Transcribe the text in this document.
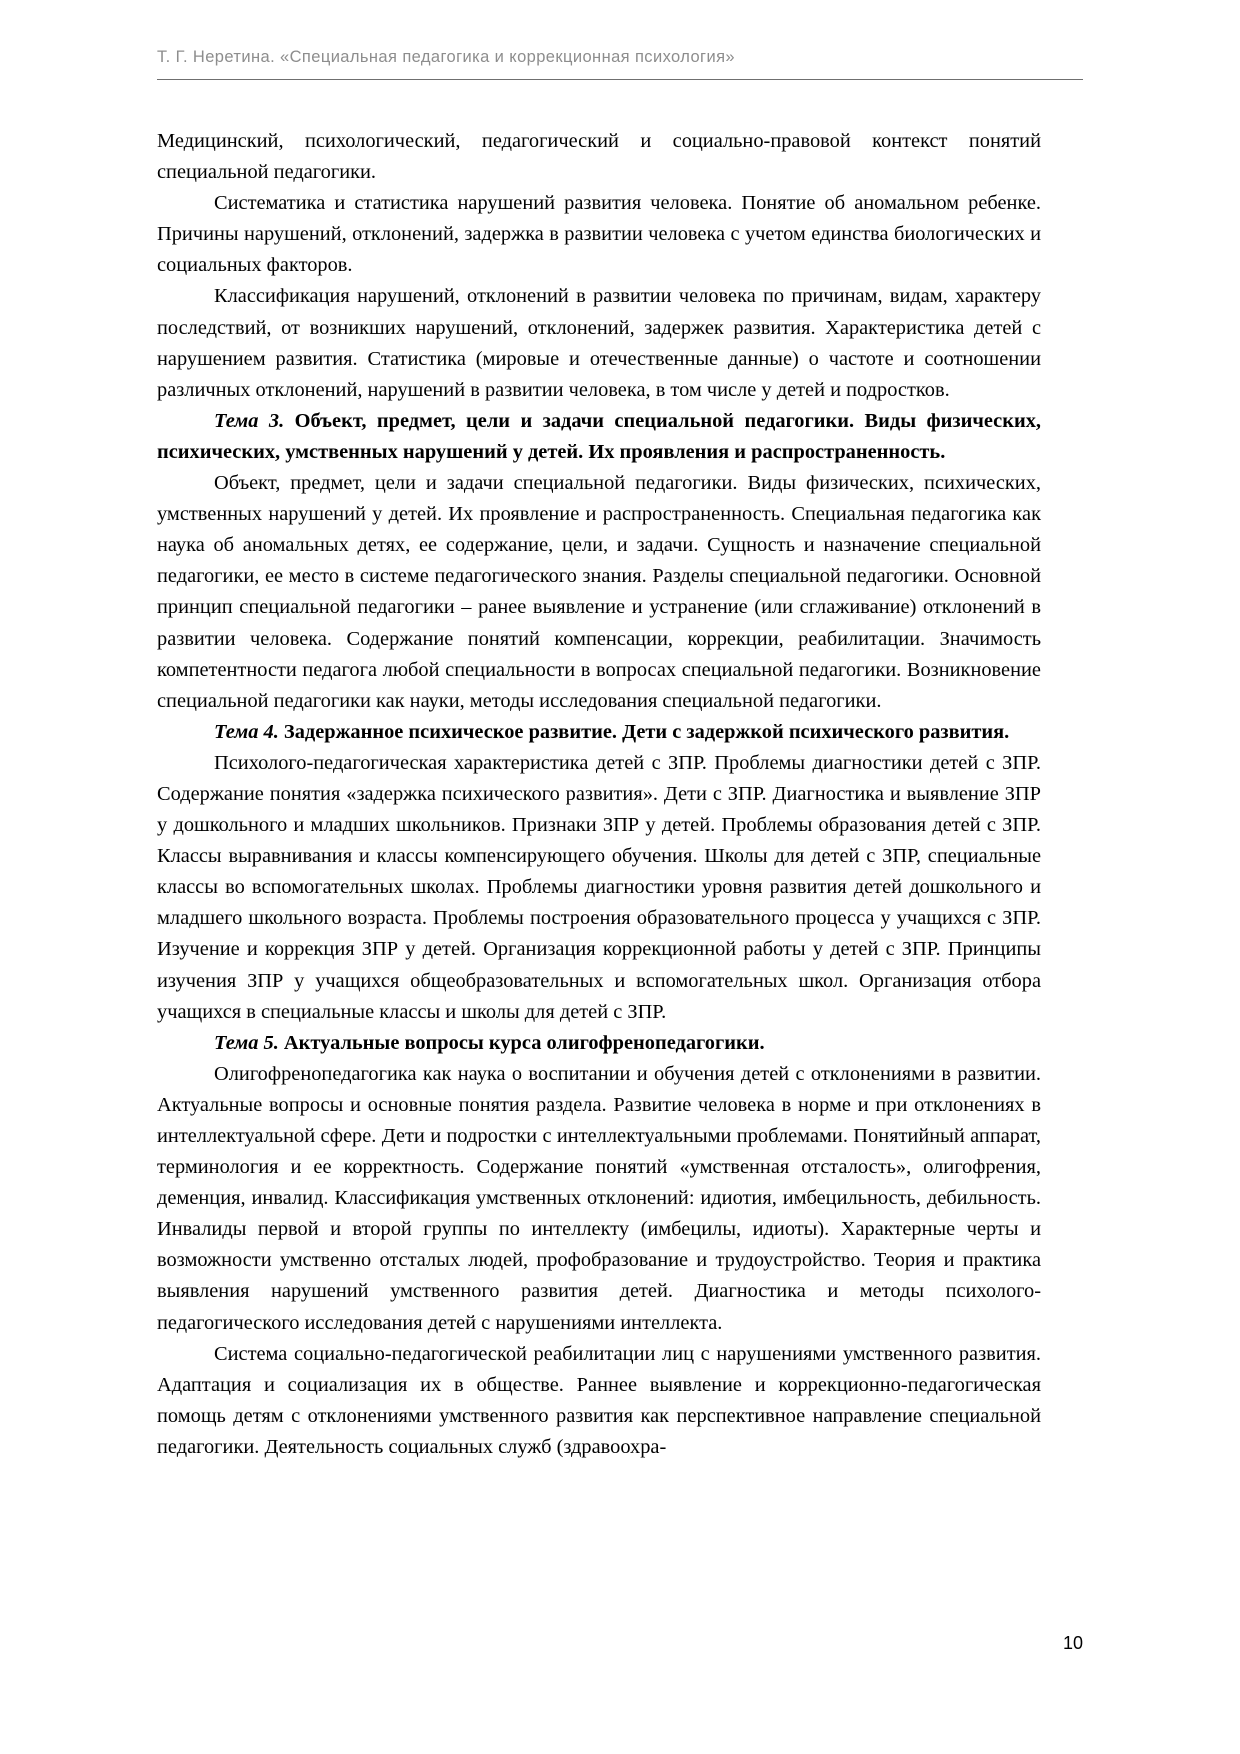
Т. Г. Неретина. «Специальная педагогика и коррекционная психология»

Медицинский, психологический, педагогический и социально-правовой контекст понятий специальной педагогики.

Систематика и статистика нарушений развития человека. Понятие об аномальном ребенке. Причины нарушений, отклонений, задержка в развитии человека с учетом единства биологических и социальных факторов.

Классификация нарушений, отклонений в развитии человека по причинам, видам, характеру последствий, от возникших нарушений, отклонений, задержек развития. Характеристика детей с нарушением развития. Статистика (мировые и отечественные данные) о частоте и соотношении различных отклонений, нарушений в развитии человека, в том числе у детей и подростков.

Тема 3. Объект, предмет, цели и задачи специальной педагогики. Виды физических, психических, умственных нарушений у детей. Их проявления и распространенность.

Объект, предмет, цели и задачи специальной педагогики. Виды физических, психических, умственных нарушений у детей. Их проявление и распространенность. Специальная педагогика как наука об аномальных детях, ее содержание, цели, и задачи. Сущность и назначение специальной педагогики, ее место в системе педагогического знания. Разделы специальной педагогики. Основной принцип специальной педагогики – ранее выявление и устранение (или сглаживание) отклонений в развитии человека. Содержание понятий компенсации, коррекции, реабилитации. Значимость компетентности педагога любой специальности в вопросах специальной педагогики. Возникновение специальной педагогики как науки, методы исследования специальной педагогики.

Тема 4. Задержанное психическое развитие. Дети с задержкой психического развития.

Психолого-педагогическая характеристика детей с ЗПР. Проблемы диагностики детей с ЗПР. Содержание понятия «задержка психического развития». Дети с ЗПР. Диагностика и выявление ЗПР у дошкольного и младших школьников. Признаки ЗПР у детей. Проблемы образования детей с ЗПР. Классы выравнивания и классы компенсирующего обучения. Школы для детей с ЗПР, специальные классы во вспомогательных школах. Проблемы диагностики уровня развития детей дошкольного и младшего школьного возраста. Проблемы построения образовательного процесса у учащихся с ЗПР. Изучение и коррекция ЗПР у детей. Организация коррекционной работы у детей с ЗПР. Принципы изучения ЗПР у учащихся общеобразовательных и вспомогательных школ. Организация отбора учащихся в специальные классы и школы для детей с ЗПР.

Тема 5. Актуальные вопросы курса олигофренопедагогики.

Олигофренопедагогика как наука о воспитании и обучения детей с отклонениями в развитии. Актуальные вопросы и основные понятия раздела. Развитие человека в норме и при отклонениях в интеллектуальной сфере. Дети и подростки с интеллектуальными проблемами. Понятийный аппарат, терминология и ее корректность. Содержание понятий «умственная отсталость», олигофрения, деменция, инвалид. Классификация умственных отклонений: идиотия, имбецильность, дебильность. Инвалиды первой и второй группы по интеллекту (имбецилы, идиоты). Характерные черты и возможности умственно отсталых людей, профобразование и трудоустройство. Теория и практика выявления нарушений умственного развития детей. Диагностика и методы психолого-педагогического исследования детей с нарушениями интеллекта.

Система социально-педагогической реабилитации лиц с нарушениями умственного развития. Адаптация и социализация их в обществе. Раннее выявление и коррекционно-педагогическая помощь детям с отклонениями умственного развития как перспективное направление специальной педагогики. Деятельность социальных служб (здравоохра-

10
